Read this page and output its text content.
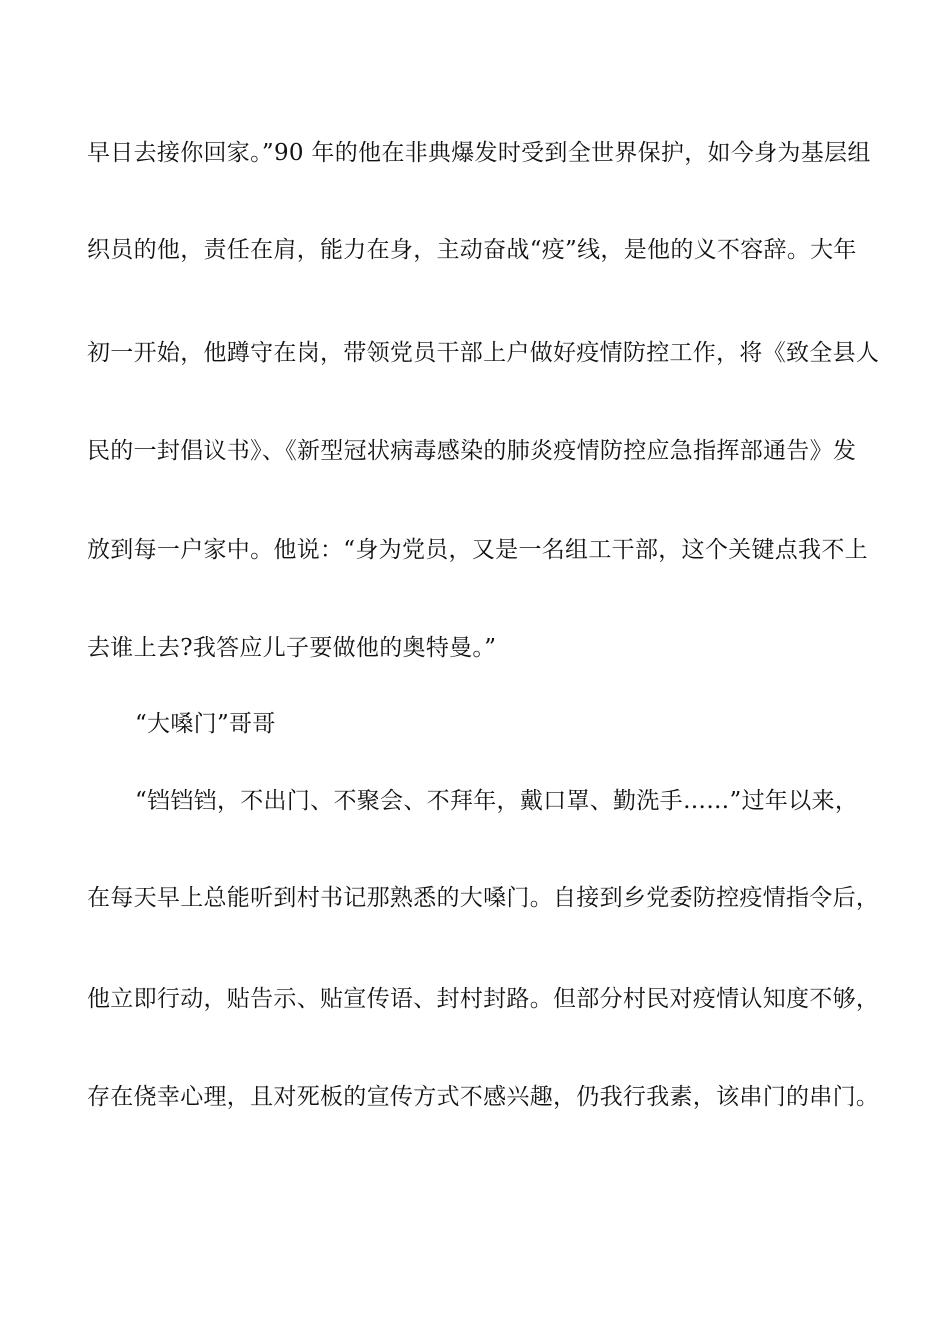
早日去接你回家。”90 年的他在非典爆发时受到全世界保护，如今身为基层组
织员的他，责任在肩，能力在身，主动奋战“疫”线，是他的义不容辞。大年
初一开始，他蹲守在岗，带领党员干部上户做好疫情防控工作，将《致全县人
民的一封倡议书》、《新型冠状病毒感染的肺炎疫情防控应急指挥部通告》发
放到每一户家中。他说：“身为党员，又是一名组工干部，这个关键点我不上
去谁上去?我答应儿子要做他的奥特曼。”
“大嗓门”哥哥
“铛铛铛，不出门、不聚会、不拜年，戴口罩、勤洗手……”过年以来，
在每天早上总能听到村书记那熟悉的大嗓门。自接到乡党委防控疫情指令后，
他立即行动，贴告示、贴宣传语、封村封路。但部分村民对疫情认知度不够，
存在侥幸心理，且对死板的宣传方式不感兴趣，仍我行我素，该串门的串门。
